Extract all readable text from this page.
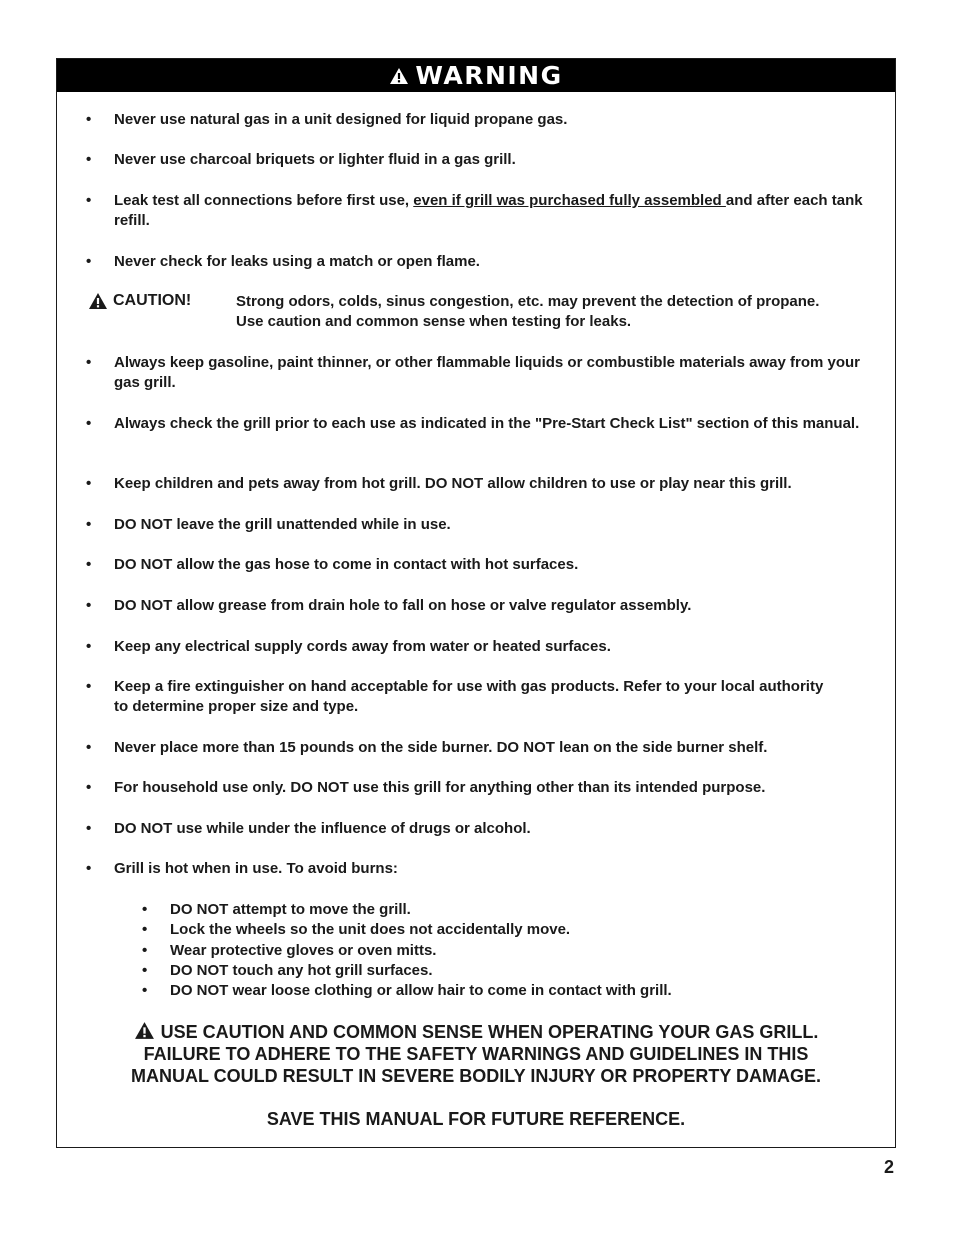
WARNING
•	Never use natural gas in a unit designed for liquid propane gas.
•	Never use charcoal briquets or lighter fluid in a gas grill.
•	Leak test all connections before first use, even if grill was purchased fully assembled and after each tank refill.
•	Never check for leaks using a match or open flame.
CAUTION!	Strong odors, colds, sinus congestion, etc. may prevent the detection of propane. Use caution and common sense when testing for leaks.
•	Always keep gasoline, paint thinner, or other flammable liquids or combustible materials away from your gas grill.
•	Always check the grill prior to each use as indicated in the "Pre-Start Check List" section of this manual.
•	Keep children and pets away from hot grill. DO NOT allow children to use or play near this grill.
•	DO NOT leave the grill unattended while in use.
•	DO NOT allow the gas hose to come in contact with hot surfaces.
•	DO NOT allow grease from drain hole to fall on hose or valve regulator assembly.
•	Keep any electrical supply cords away from water or heated surfaces.
•	Keep a fire extinguisher on hand acceptable for use with gas products. Refer to your local authority to determine proper size and type.
•	Never place more than 15 pounds on the side burner. DO NOT lean on the side burner shelf.
•	For household use only. DO NOT use this grill for anything other than its intended purpose.
•	DO NOT use while under the influence of drugs or alcohol.
•	Grill is hot when in use. To avoid burns:
•	DO NOT attempt to move the grill.
•	Lock the wheels so the unit does not accidentally move.
•	Wear protective gloves or oven mitts.
•	DO NOT touch any hot grill surfaces.
•	DO NOT wear loose clothing or allow hair to come in contact with grill.
USE CAUTION AND COMMON SENSE WHEN OPERATING YOUR GAS GRILL.
FAILURE TO ADHERE TO THE SAFETY WARNINGS AND GUIDELINES IN THIS
MANUAL COULD RESULT IN SEVERE BODILY INJURY OR PROPERTY DAMAGE.
SAVE THIS MANUAL FOR FUTURE REFERENCE.
2
